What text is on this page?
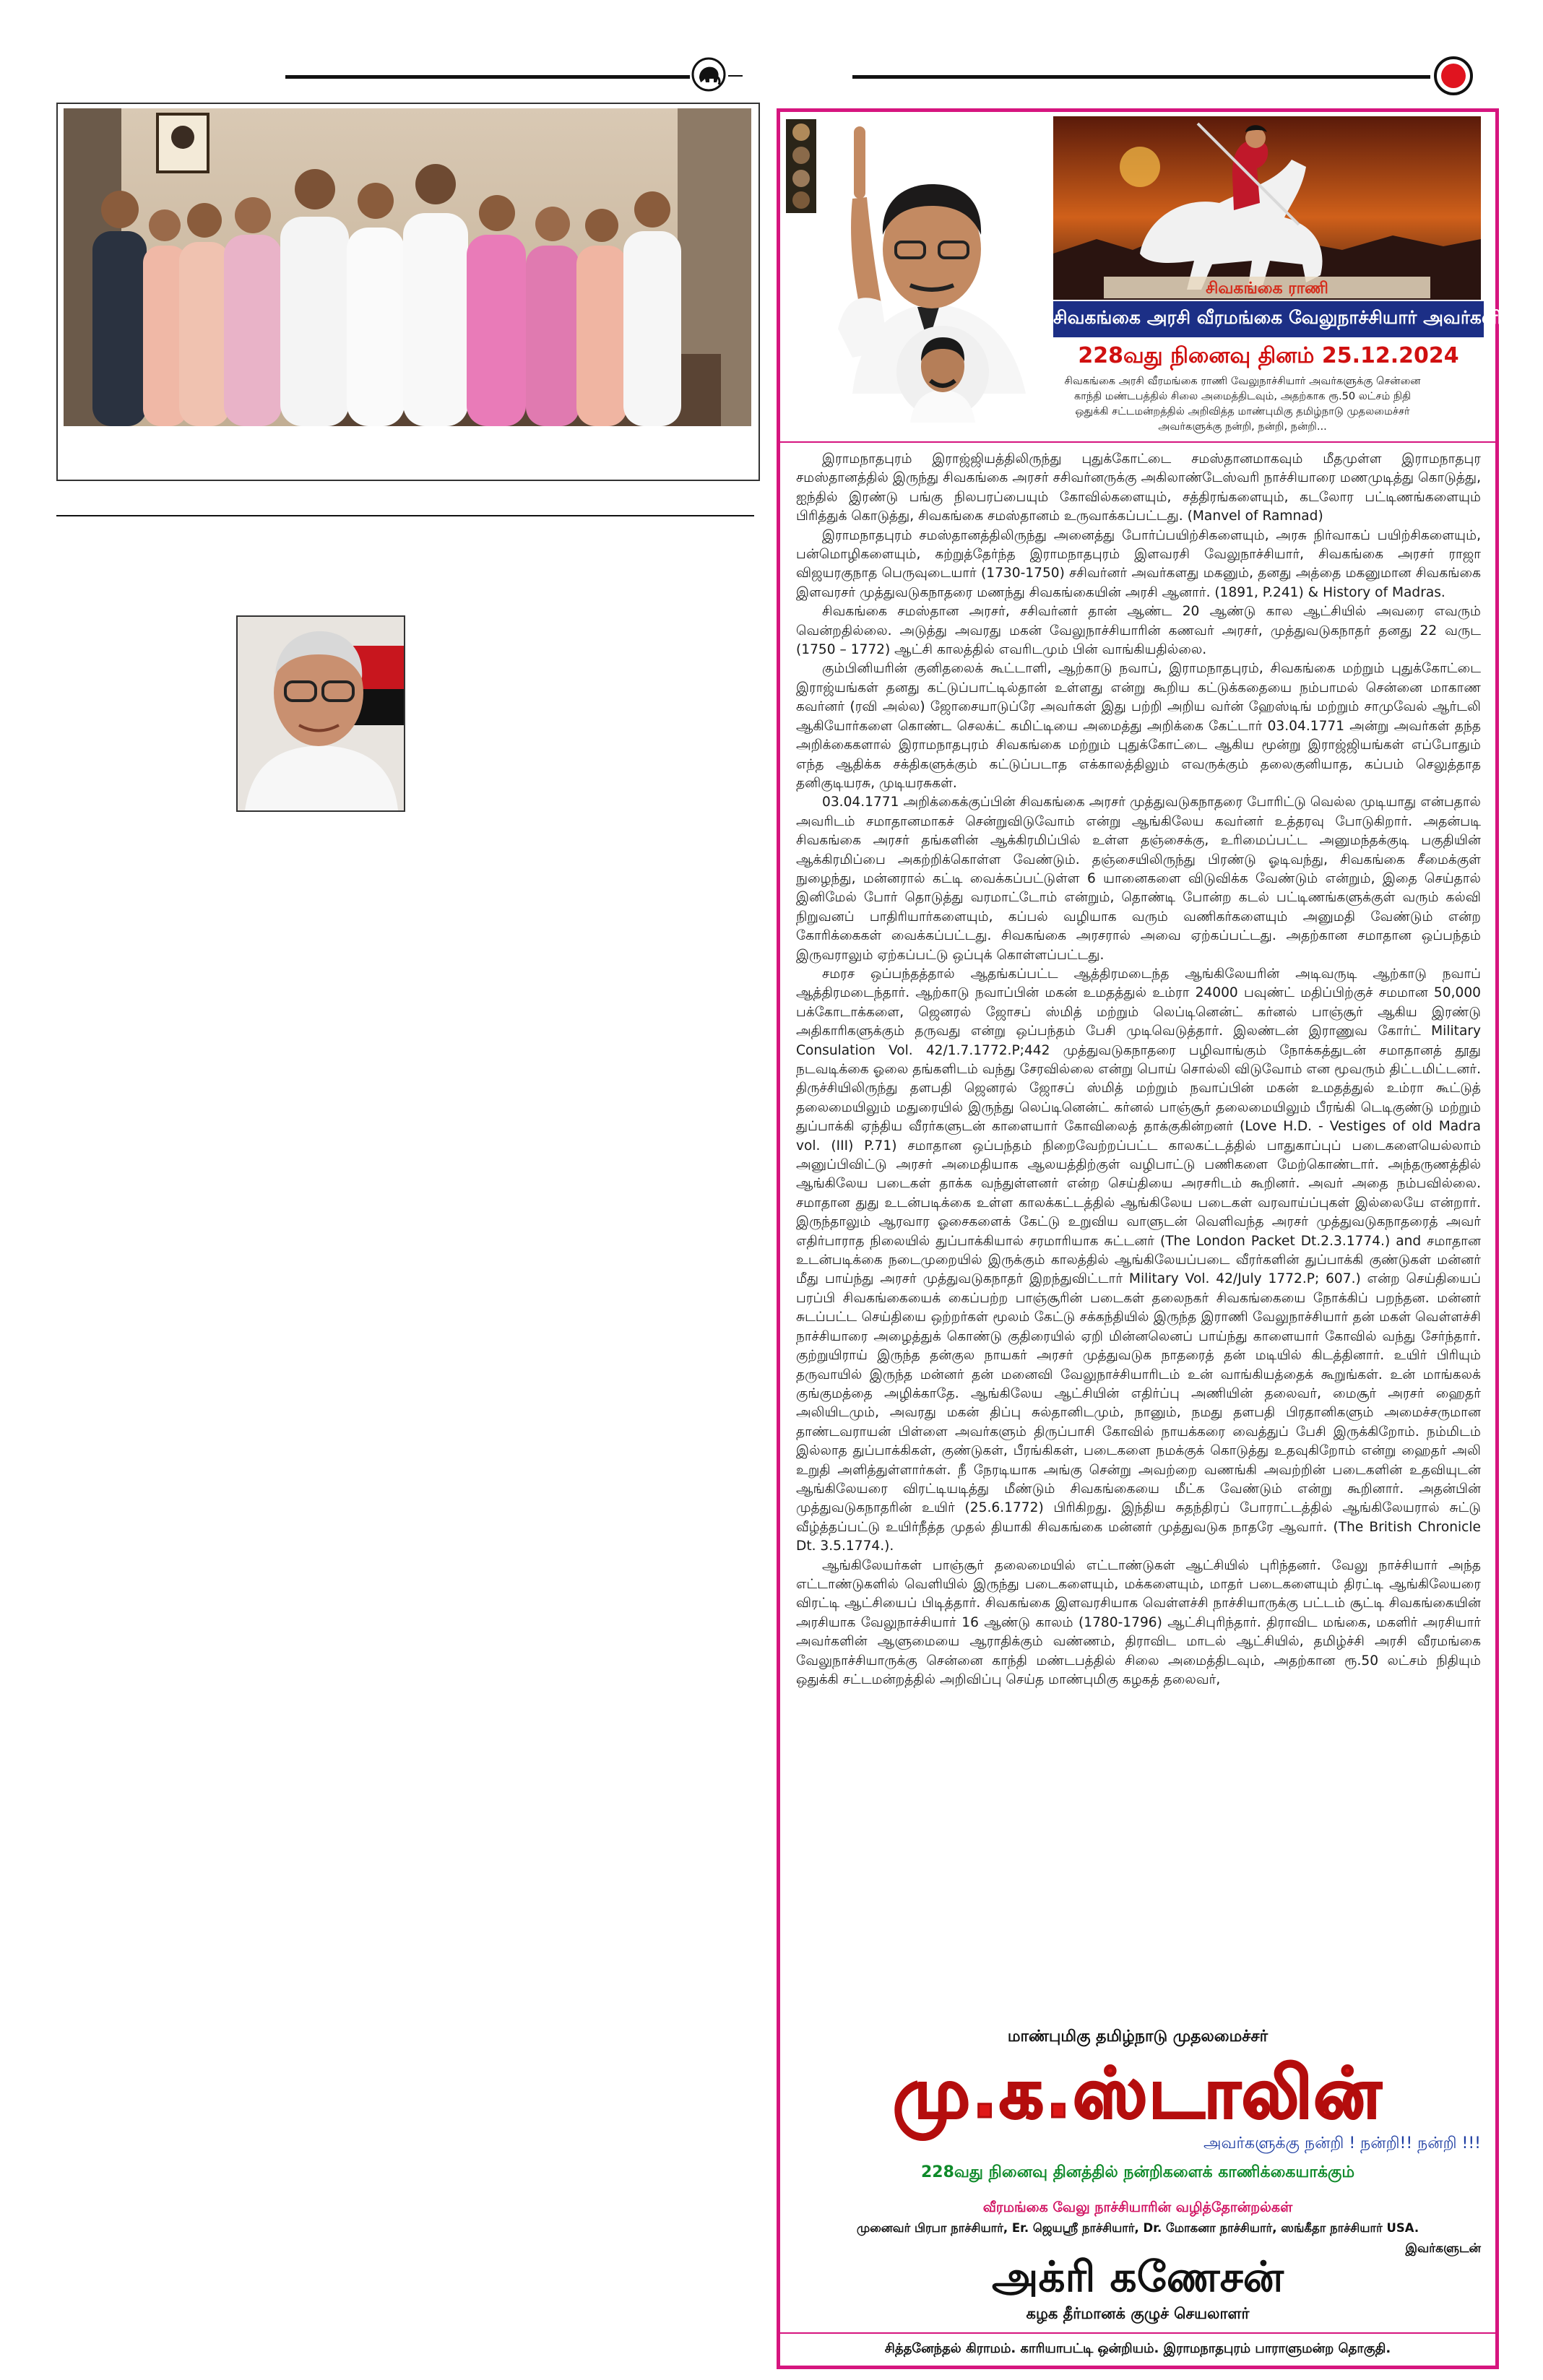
சிவகங்கை ராணி
சிவகங்கை அரசி வீரமங்கை வேலுநாச்சியார் அவர்களின்
228வது நினைவு தினம் 25.12.2024
சிவகங்கை அரசி வீரமங்கை ராணி வேலுநாச்சியார் அவர்களுக்கு சென்னை
காந்தி மண்டபத்தில் சிலை அமைத்திடவும், அதற்காக ரூ.50 லட்சம் நிதி
ஒதுக்கி சட்டமன்றத்தில் அறிவித்த மாண்புமிகு தமிழ்நாடு முதலமைச்சர்
அவர்களுக்கு நன்றி, நன்றி, நன்றி...

இராமநாதபுரம் இராஜ்ஜியத்திலிருந்து புதுக்கோட்டை சமஸ்தானமாகவும் மீதமுள்ள இராமநாதபுர சமஸ்தானத்தில் இருந்து சிவகங்கை அரசர் சசிவர்னருக்கு அகிலாண்டேஸ்வரி நாச்சியாரை மணமுடித்து கொடுத்து, ஐந்தில் இரண்டு பங்கு நிலபரப்பையும் கோவில்களையும், சத்திரங்களையும், கடலோர பட்டிணங்களையும் பிரித்துக் கொடுத்து, சிவகங்கை சமஸ்தானம் உருவாக்கப்பட்டது. (Manvel of Ramnad)

இராமநாதபுரம் சமஸ்தானத்திலிருந்து அனைத்து போர்ப்பயிற்சிகளையும், அரசு நிர்வாகப் பயிற்சிகளையும், பன்மொழிகளையும், கற்றுத்தேர்ந்த இராமநாதபுரம் இளவரசி வேலுநாச்சியார், சிவகங்கை அரசர் ராஜா விஜயரகுநாத பெருவுடையார் (1730-1750) சசிவர்னர் அவர்களது மகனும், தனது அத்தை மகனுமான சிவகங்கை இளவரசர் முத்துவடுகநாதரை மணந்து சிவகங்கையின் அரசி ஆனார். (1891, P.241) & History of Madras.

சிவகங்கை சமஸ்தான அரசர், சசிவர்னர் தான் ஆண்ட 20 ஆண்டு கால ஆட்சியில் அவரை எவரும் வென்றதில்லை. அடுத்து அவரது மகன் வேலுநாச்சியாரின் கணவர் அரசர், முத்துவடுகநாதர் தனது 22 வருட (1750 – 1772) ஆட்சி காலத்தில் எவரிடமும் பின் வாங்கியதில்லை.

கும்பினியரின் குனிதலைக் கூட்டாளி, ஆற்காடு நவாப், இராமநாதபுரம், சிவகங்கை மற்றும் புதுக்கோட்டை இராஜ்யங்கள் தனது கட்டுப்பாட்டில்தான் உள்ளது என்று கூறிய கட்டுக்கதையை நம்பாமல் சென்னை மாகாண கவர்னர் (ரவி அல்ல) ஜோசையாடுப்ரே அவர்கள் இது பற்றி அறிய வர்ன் ஹேஸ்டிங் மற்றும் சாமுவேல் ஆர்டலி ஆகியோர்களை கொண்ட செலக்ட் கமிட்டியை அமைத்து அறிக்கை கேட்டார் 03.04.1771 அன்று அவர்கள் தந்த அறிக்கைகளால் இராமநாதபுரம் சிவகங்கை மற்றும் புதுக்கோட்டை ஆகிய மூன்று இராஜ்ஜியங்கள் எப்போதும் எந்த ஆதிக்க சக்திகளுக்கும் கட்டுப்படாத எக்காலத்திலும் எவருக்கும் தலைகுனியாத, கப்பம் செலுத்தாத தனிகுடியரசு, முடியரசுகள்.

03.04.1771 அறிக்கைக்குப்பின் சிவகங்கை அரசர் முத்துவடுகநாதரை போரிட்டு வெல்ல முடியாது என்பதால் அவரிடம் சமாதானமாகச் சென்றுவிடுவோம் என்று ஆங்கிலேய கவர்னர் உத்தரவு போடுகிறார். அதன்படி சிவகங்கை அரசர் தங்களின் ஆக்கிரமிப்பில் உள்ள தஞ்சைக்கு, உரிமைப்பட்ட அனுமந்தக்குடி பகுதியின் ஆக்கிரமிப்பை அகற்றிக்கொள்ள வேண்டும். தஞ்சையிலிருந்து பிரண்டு ஓடிவந்து, சிவகங்கை சீமைக்குள் நுழைந்து, மன்னரால் கட்டி வைக்கப்பட்டுள்ள 6 யானைகளை விடுவிக்க வேண்டும் என்றும், இதை செய்தால் இனிமேல் போர் தொடுத்து வரமாட்டோம் என்றும், தொண்டி போன்ற கடல் பட்டிணங்களுக்குள் வரும் கல்வி நிறுவனப் பாதிரியார்களையும், கப்பல் வழியாக வரும் வணிகர்களையும் அனுமதி வேண்டும் என்ற கோரிக்கைகள் வைக்கப்பட்டது. சிவகங்கை அரசரால் அவை ஏற்கப்பட்டது. அதற்கான சமாதான ஒப்பந்தம் இருவராலும் ஏற்கப்பட்டு ஒப்புக் கொள்ளப்பட்டது.

சமரச ஒப்பந்தத்தால் ஆதங்கப்பட்ட ஆத்திரமடைந்த ஆங்கிலேயரின் அடிவருடி ஆற்காடு நவாப் ஆத்திரமடைந்தார். ஆற்காடு நவாப்பின் மகன் உமதத்துல் உம்ரா 24000 பவுண்ட் மதிப்பிற்குச் சமமான 50,000 பக்கோடாக்களை, ஜெனரல் ஜோசப் ஸ்மித் மற்றும் லெப்டினென்ட் கர்னல் பாஞ்சூர் ஆகிய இரண்டு அதிகாரிகளுக்கும் தருவது என்று ஒப்பந்தம் பேசி முடிவெடுத்தார். இலண்டன் இராணுவ கோர்ட் Military Consulation Vol. 42/1.7.1772.P;442 முத்துவடுகநாதரை பழிவாங்கும் நோக்கத்துடன் சமாதானத் தூது நடவடிக்கை ஓலை தங்களிடம் வந்து சேரவில்லை என்று பொய் சொல்லி விடுவோம் என மூவரும் திட்டமிட்டனர். திருச்சியிலிருந்து தளபதி ஜெனரல் ஜோசப் ஸ்மித் மற்றும் நவாப்பின் மகன் உமதத்துல் உம்ரா கூட்டுத் தலைமையிலும் மதுரையில் இருந்து லெப்டினென்ட் கர்னல் பாஞ்சூர் தலைமையிலும் பீரங்கி டெடிகுண்டு மற்றும் துப்பாக்கி ஏந்திய வீரர்களுடன் காளையார் கோவிலைத் தாக்குகின்றனர் (Love H.D. - Vestiges of old Madra vol. (III) P.71) சமாதான ஒப்பந்தம் நிறைவேற்றப்பட்ட காலகட்டத்தில் பாதுகாப்புப் படைகளையெல்லாம் அனுப்பிவிட்டு அரசர் அமைதியாக ஆலயத்திற்குள் வழிபாட்டு பணிகளை மேற்கொண்டார். அந்தருணத்தில் ஆங்கிலேய படைகள் தாக்க வந்துள்ளனர் என்ற செய்தியை அரசரிடம் கூறினர். அவர் அதை நம்பவில்லை. சமாதான துது உடன்படிக்கை உள்ள காலக்கட்டத்தில் ஆங்கிலேய படைகள் வரவாய்ப்புகள் இல்லையே என்றார். இருந்தாலும் ஆரவார ஓசைகளைக் கேட்டு உறுவிய வாளுடன் வெளிவந்த அரசர் முத்துவடுகநாதரைத் அவர் எதிர்பாராத நிலையில் துப்பாக்கியால் சரமாரியாக சுட்டனர் (The London Packet Dt.2.3.1774.) and சமாதான உடன்படிக்கை நடைமுறையில் இருக்கும் காலத்தில் ஆங்கிலேயப்படை வீரர்களின் துப்பாக்கி குண்டுகள் மன்னர் மீது பாய்ந்து அரசர் முத்துவடுகநாதர் இறந்துவிட்டார் Military Vol. 42/July 1772.P; 607.) என்ற செய்தியைப் பரப்பி சிவகங்கையைக் கைப்பற்ற பாஞ்சூரின் படைகள் தலைநகர் சிவகங்கையை நோக்கிப் பறந்தன. மன்னர் சுடப்பட்ட செய்தியை ஒற்றர்கள் மூலம் கேட்டு சக்கந்தியில் இருந்த இராணி வேலுநாச்சியார் தன் மகள் வெள்ளச்சி நாச்சியாரை அழைத்துக் கொண்டு குதிரையில் ஏறி மின்னலெனப் பாய்ந்து காளையார் கோவில் வந்து சேர்ந்தார். குற்றுயிராய் இருந்த தன்குல நாயகர் அரசர் முத்துவடுக நாதரைத் தன் மடியில் கிடத்தினார். உயிர் பிரியும் தருவாயில் இருந்த மன்னர் தன் மனைவி வேலுநாச்சியாரிடம் உன் வாங்கியத்தைக் கூறுங்கள். உன் மாங்கலக் குங்குமத்தை அழிக்காதே. ஆங்கிலேய ஆட்சியின் எதிர்ப்பு அணியின் தலைவர், மைசூர் அரசர் ஹைதர் அலியிடமும், அவரது மகன் திப்பு சுல்தானிடமும், நானும், நமது தளபதி பிரதானிகளும் அமைச்சருமான தாண்டவராயன் பிள்ளை அவர்களும் திருப்பாசி கோவில் நாயக்கரை வைத்துப் பேசி இருக்கிறோம். நம்மிடம் இல்லாத துப்பாக்கிகள், குண்டுகள், பீரங்கிகள், படைகளை நமக்குக் கொடுத்து உதவுகிறோம் என்று ஹைதர் அலி உறுதி அளித்துள்ளார்கள். நீ நேரடியாக அங்கு சென்று அவற்றை வணங்கி அவற்றின் படைகளின் உதவியுடன் ஆங்கிலேயரை விரட்டியடித்து மீண்டும் சிவகங்கையை மீட்க வேண்டும் என்று கூறினார். அதன்பின் முத்துவடுகநாதரின் உயிர் (25.6.1772) பிரிகிறது. இந்திய சுதந்திரப் போராட்டத்தில் ஆங்கிலேயரால் சுட்டு வீழ்த்தப்பட்டு உயிர்நீத்த முதல் தியாகி சிவகங்கை மன்னர் முத்துவடுக நாதரே ஆவார். (The British Chronicle Dt. 3.5.1774.).

ஆங்கிலேயர்கள் பாஞ்சூர் தலைமையில் எட்டாண்டுகள் ஆட்சியில் புரிந்தனர். வேலு நாச்சியார் அந்த எட்டாண்டுகளில் வெளியில் இருந்து படைகளையும், மக்களையும், மாதர் படைகளையும் திரட்டி ஆங்கிலேயரை விரட்டி ஆட்சியைப் பிடித்தார். சிவகங்கை இளவரசியாக வெள்ளச்சி நாச்சியாருக்கு பட்டம் சூட்டி சிவகங்கையின் அரசியாக வேலுநாச்சியார் 16 ஆண்டு காலம் (1780-1796) ஆட்சிபுரிந்தார். திராவிட மங்கை, மகளிர் அரசியார் அவர்களின் ஆளுமையை ஆராதிக்கும் வண்ணம், திராவிட மாடல் ஆட்சியில், தமிழ்ச்சி அரசி வீரமங்கை வேலுநாச்சியாருக்கு சென்னை காந்தி மண்டபத்தில் சிலை அமைத்திடவும், அதற்கான ரூ.50 லட்சம் நிதியும் ஒதுக்கி சட்டமன்றத்தில் அறிவிப்பு செய்த மாண்புமிகு கழகத் தலைவர்,

மாண்புமிகு தமிழ்நாடு முதலமைச்சர்
மு.க.ஸ்டாலின்
அவர்களுக்கு நன்றி ! நன்றி!! நன்றி !!!
228வது நினைவு தினத்தில் நன்றிகளைக் காணிக்கையாக்கும்
வீரமங்கை வேலு நாச்சியாரின் வழித்தோன்றல்கள்
முனைவர் பிரபா நாச்சியார், Er. ஜெயஸ்ரீ நாச்சியார், Dr. மோகனா நாச்சியார், ஸங்கீதா நாச்சியார் USA.
இவர்களுடன்
அக்ரி கணேசன்
கழக தீர்மானக் குழுச் செயலாளர்
சித்தனேந்தல் கிராமம். காரியாபட்டி ஒன்றியம். இராமநாதபுரம் பாராளுமன்ற தொகுதி.
